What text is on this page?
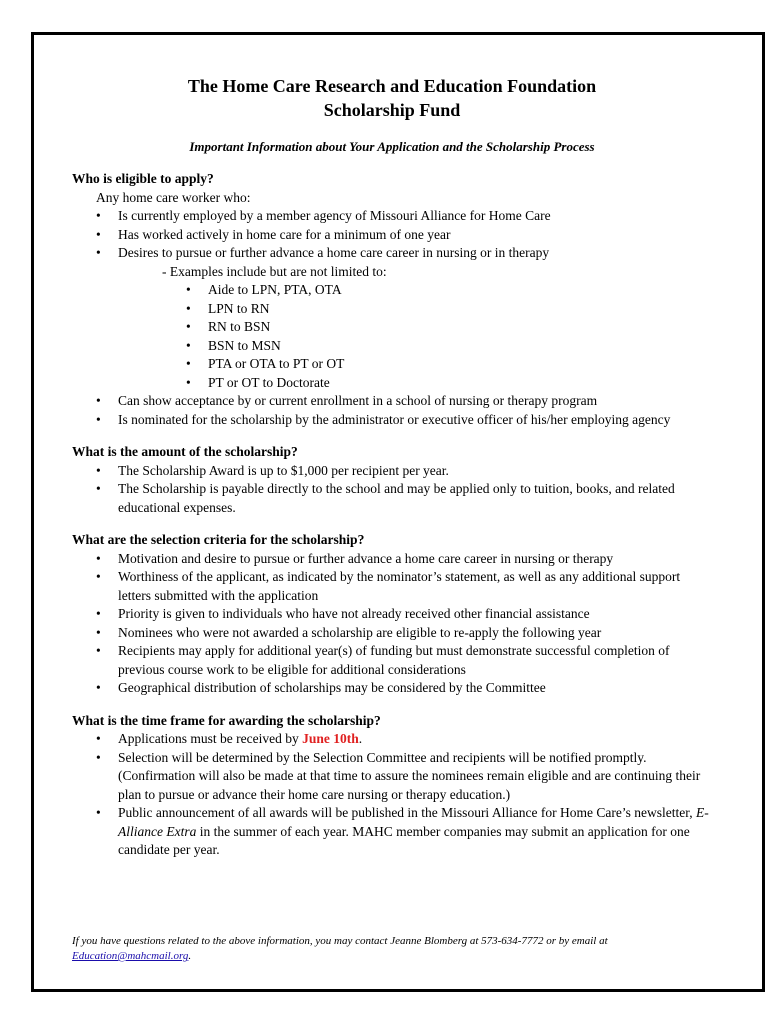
The Home Care Research and Education Foundation
Scholarship Fund
Important Information about Your Application and the Scholarship Process
Who is eligible to apply?
Any home care worker who:
• Is currently employed by a member agency of Missouri Alliance for Home Care
• Has worked actively in home care for a minimum of one year
• Desires to pursue or further advance a home care career in nursing or in therapy
- Examples include but are not limited to:
• Aide to LPN, PTA, OTA
• LPN to RN
• RN to BSN
• BSN to MSN
• PTA or OTA to PT or OT
• PT or OT to Doctorate
• Can show acceptance by or current enrollment in a school of nursing or therapy program
• Is nominated for the scholarship by the administrator or executive officer of his/her employing agency
What is the amount of the scholarship?
• The Scholarship Award is up to $1,000 per recipient per year.
• The Scholarship is payable directly to the school and may be applied only to tuition, books, and related educational expenses.
What are the selection criteria for the scholarship?
• Motivation and desire to pursue or further advance a home care career in nursing or therapy
• Worthiness of the applicant, as indicated by the nominator’s statement, as well as any additional support letters submitted with the application
• Priority is given to individuals who have not already received other financial assistance
• Nominees who were not awarded a scholarship are eligible to re-apply the following year
• Recipients may apply for additional year(s) of funding but must demonstrate successful completion of previous course work to be eligible for additional considerations
• Geographical distribution of scholarships may be considered by the Committee
What is the time frame for awarding the scholarship?
• Applications must be received by June 10th.
• Selection will be determined by the Selection Committee and recipients will be notified promptly. (Confirmation will also be made at that time to assure the nominees remain eligible and are continuing their plan to pursue or advance their home care nursing or therapy education.)
• Public announcement of all awards will be published in the Missouri Alliance for Home Care’s newsletter, E-Alliance Extra in the summer of each year. MAHC member companies may submit an application for one candidate per year.
If you have questions related to the above information, you may contact Jeanne Blomberg at 573-634-7772 or by email at Education@mahcmail.org.
